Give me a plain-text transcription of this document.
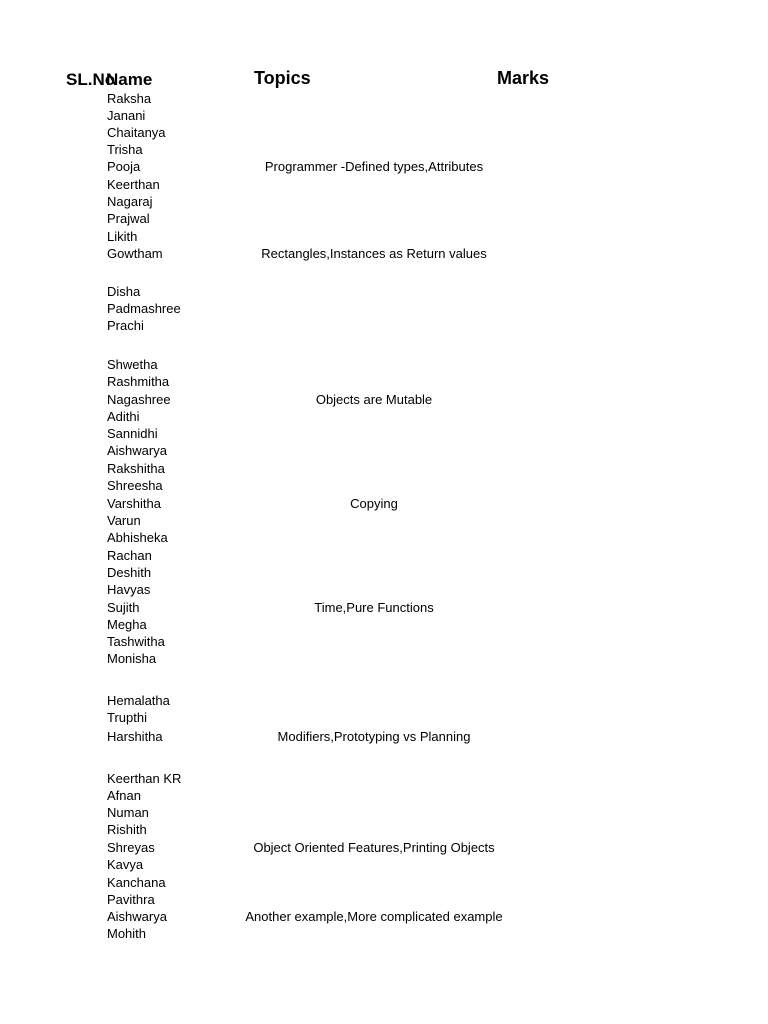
SL.No
Name	Topics	Marks
Raksha
Janani
Chaitanya
Trisha
Pooja
Keerthan
Nagaraj
Prajwal
Likith
Gowtham
Disha
Padmashree
Prachi
Shwetha
Rashmitha
Nagashree
Adithi
Sannidhi
Aishwarya
Rakshitha
Shreesha
Varshitha
Varun
Abhisheka
Rachan
Deshith
Havyas
Sujith
Megha
Tashwitha
Monisha
Hemalatha
Trupthi
Harshitha
Keerthan KR
Afnan
Numan
Rishith
Shreyas
Kavya
Kanchana
Pavithra
Aishwarya
Mohith
Programmer -Defined types,Attributes
Rectangles,Instances as Return values
Objects are Mutable
Copying
Time,Pure Functions
Modifiers,Prototyping vs Planning
Object Oriented Features,Printing Objects
Another example,More complicated example
